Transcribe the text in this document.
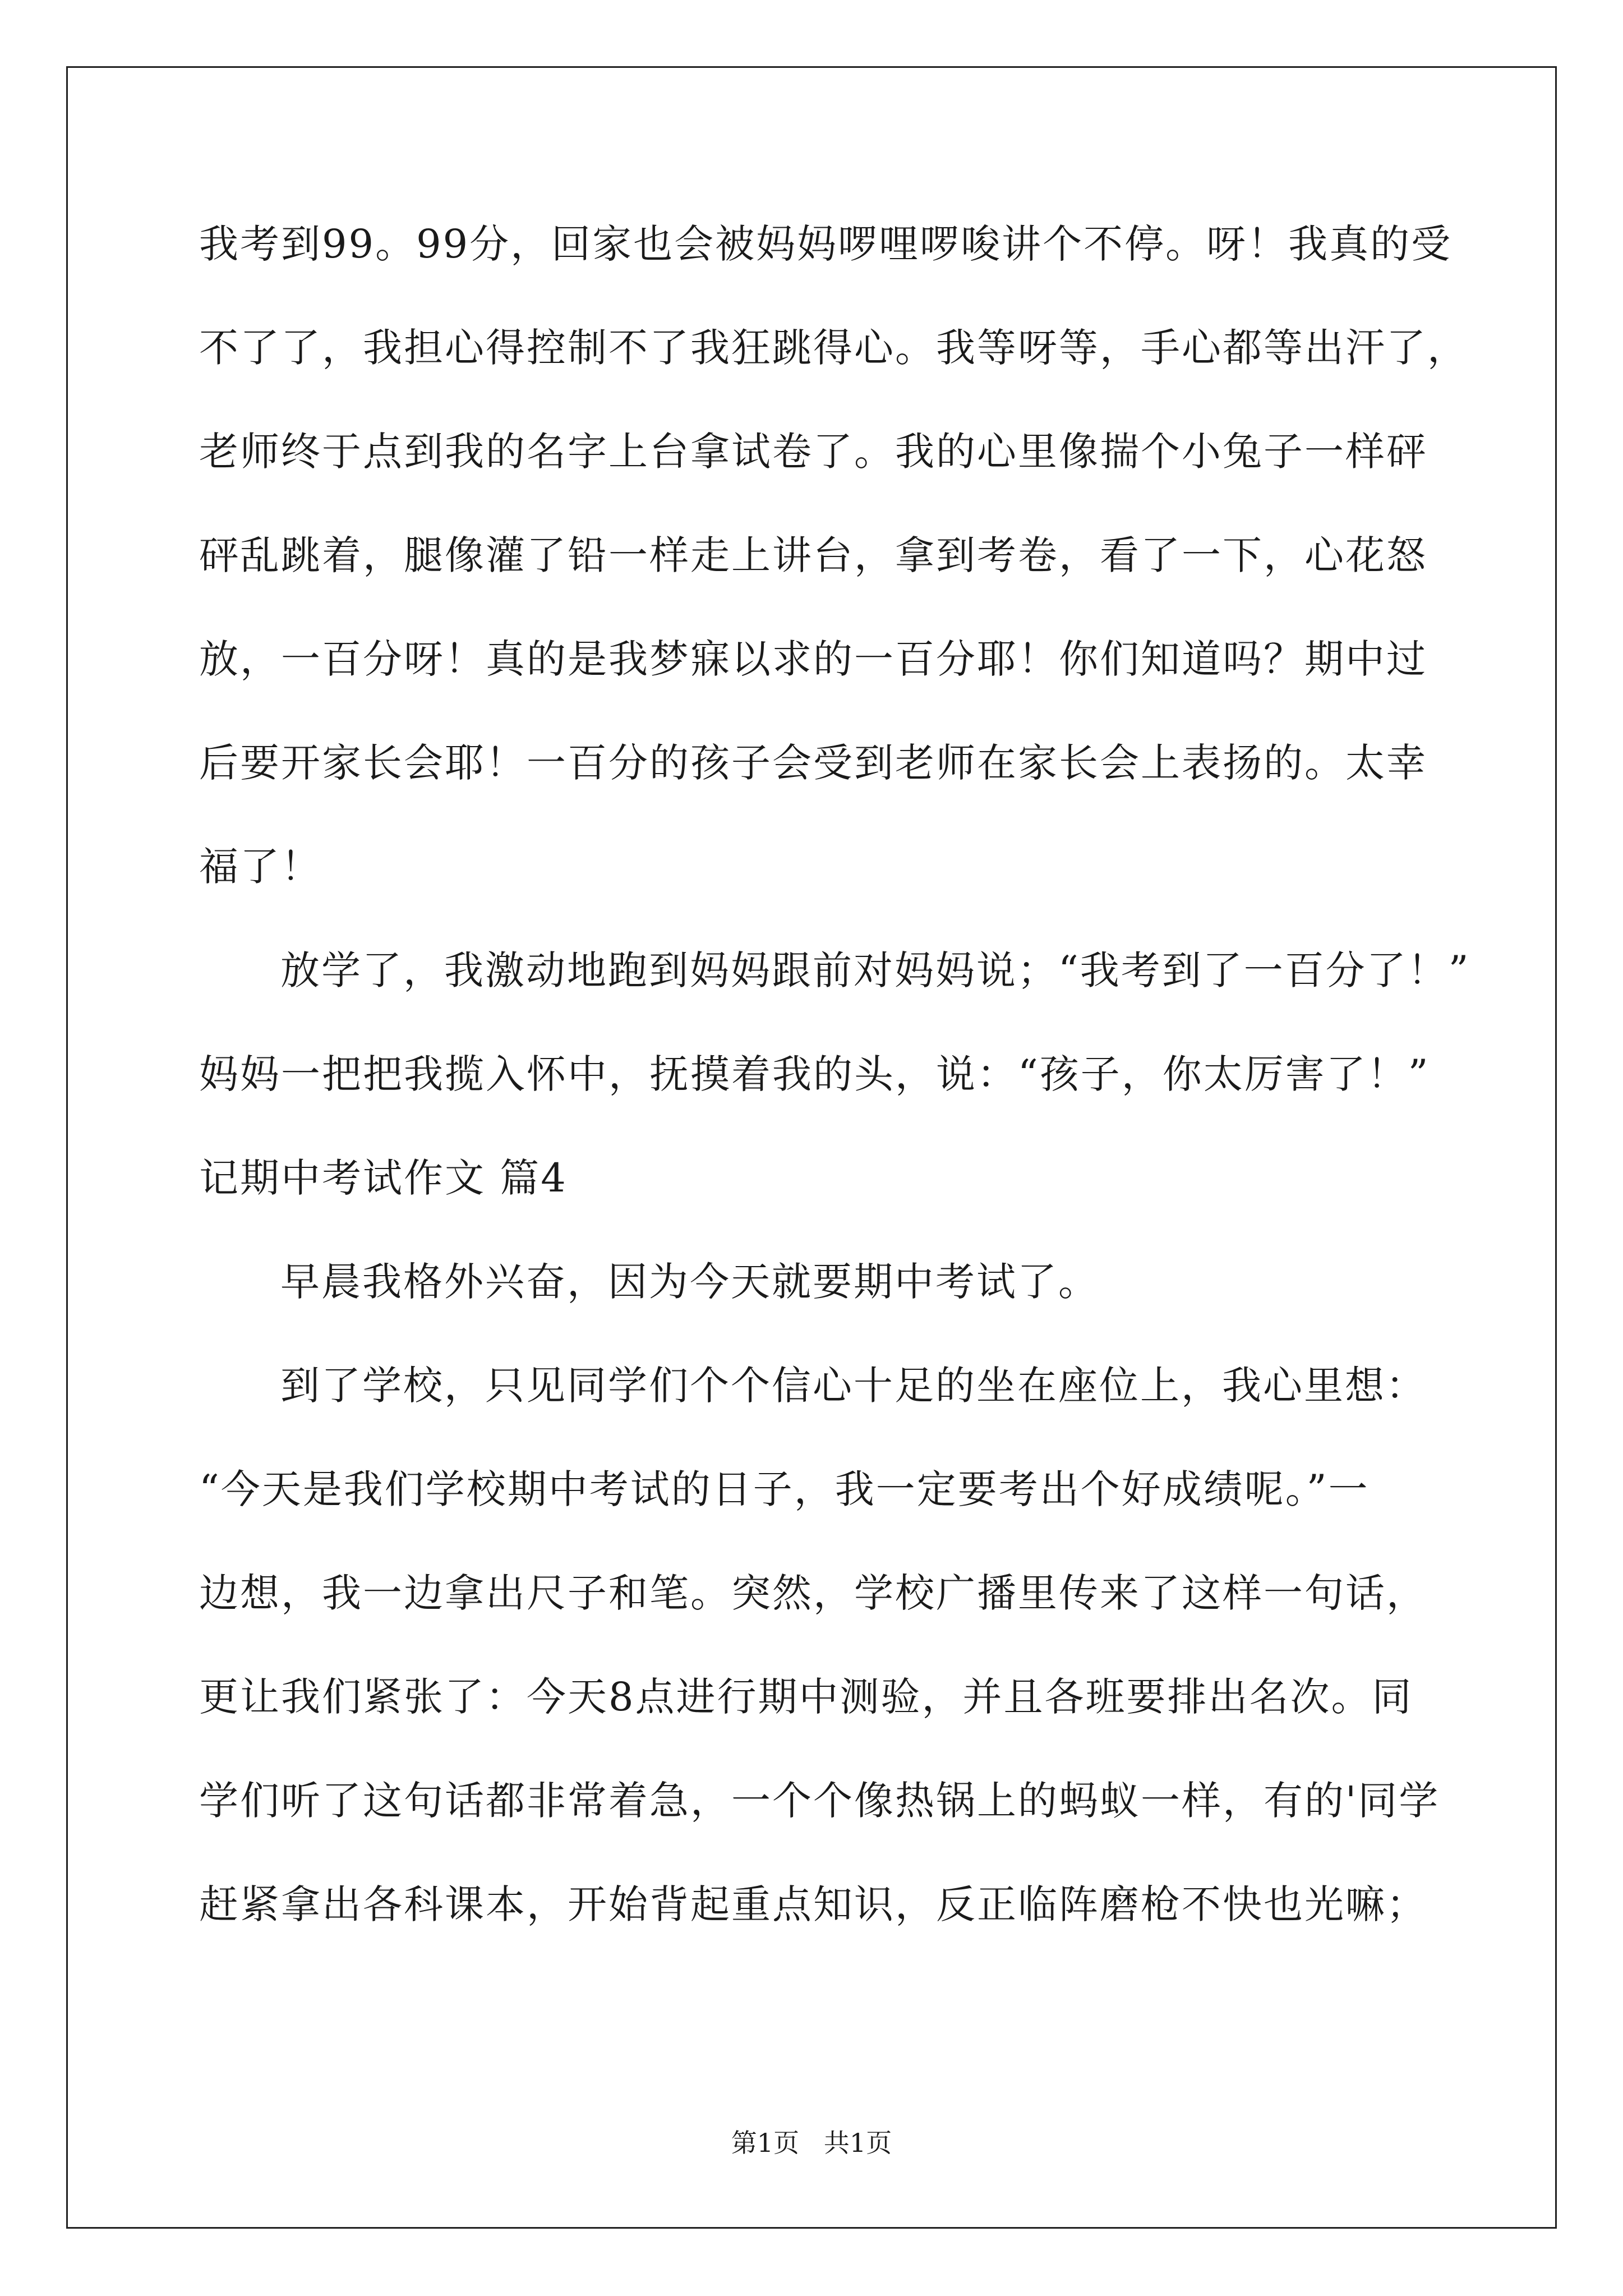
我考到99。99分，回家也会被妈妈啰哩啰唆讲个不停。呀！我真的受
不了了，我担心得控制不了我狂跳得心。我等呀等，手心都等出汗了，
老师终于点到我的名字上台拿试卷了。我的心里像揣个小兔子一样砰
砰乱跳着，腿像灌了铅一样走上讲台，拿到考卷，看了一下，心花怒
放，一百分呀！真的是我梦寐以求的一百分耶！你们知道吗？期中过
后要开家长会耶！一百分的孩子会受到老师在家长会上表扬的。太幸
福了！
放学了，我激动地跑到妈妈跟前对妈妈说；“我考到了一百分了！”
妈妈一把把我揽入怀中，抚摸着我的头，说：“孩子，你太厉害了！”
记期中考试作文 篇4
早晨我格外兴奋，因为今天就要期中考试了。
到了学校，只见同学们个个信心十足的坐在座位上，我心里想：
“今天是我们学校期中考试的日子，我一定要考出个好成绩呢。”一
边想，我一边拿出尺子和笔。突然，学校广播里传来了这样一句话，
更让我们紧张了：今天8点进行期中测验，并且各班要排出名次。同
学们听了这句话都非常着急，一个个像热锅上的蚂蚁一样，有的'同学
赶紧拿出各科课本，开始背起重点知识，反正临阵磨枪不快也光嘛；
第1页   共1页
